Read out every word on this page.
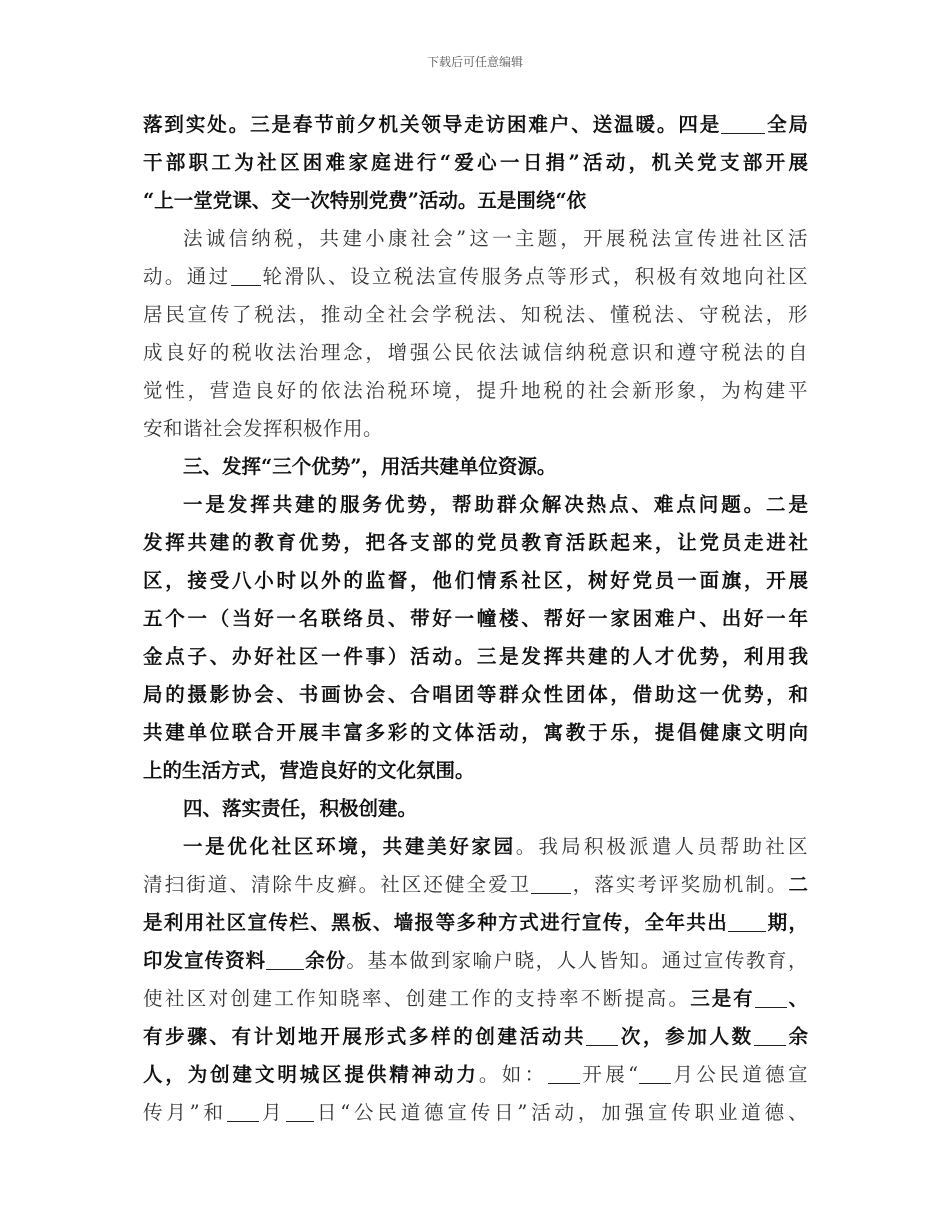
下载后可任意编辑
落到实处。三是春节前夕机关领导走访困难户、送温暖。四是 全局
干部职工为社区困难家庭进行“爱心一日捐”活动，机关党支部开展
“上一堂党课、交一次特别党费”活动。五是围绕“依
法诚信纳税，共建小康社会”这一主题，开展税法宣传进社区活
动。通过 轮滑队、设立税法宣传服务点等形式，积极有效地向社区
居民宣传了税法，推动全社会学税法、知税法、懂税法、守税法，形
成良好的税收法治理念，增强公民依法诚信纳税意识和遵守税法的自
觉性，营造良好的依法治税环境，提升地税的社会新形象，为构建平
安和谐社会发挥积极作用。
三、发挥“三个优势”，用活共建单位资源。
一是发挥共建的服务优势，帮助群众解决热点、难点问题。二是
发挥共建的教育优势，把各支部的党员教育活跃起来，让党员走进社
区，接受八小时以外的监督，他们情系社区，树好党员一面旗，开展
五个一（当好一名联络员、带好一幢楼、帮好一家困难户、出好一年
金点子、办好社区一件事）活动。三是发挥共建的人才优势，利用我
局的摄影协会、书画协会、合唱团等群众性团体，借助这一优势，和
共建单位联合开展丰富多彩的文体活动，寓教于乐，提倡健康文明向
上的生活方式，营造良好的文化氛围。
四、落实责任，积极创建。
一是优化社区环境，共建美好家园。我局积极派遣人员帮助社区
清扫街道、清除牛皮癣。社区还健全爱卫 ，落实考评奖励机制。二
是利用社区宣传栏、黑板、墙报等多种方式进行宣传，全年共出 期，
印发宣传资料 余份。基本做到家喻户晓，人人皆知。通过宣传教育，
使社区对创建工作知晓率、创建工作的支持率不断提高。三是有 、
有步骤、有计划地开展形式多样的创建活动共 次，参加人数 余
人，为创建文明城区提供精神动力。如： 开展“ 月公民道德宣
传月”和 月 日“公民道德宣传日”活动，加强宣传职业道德、
